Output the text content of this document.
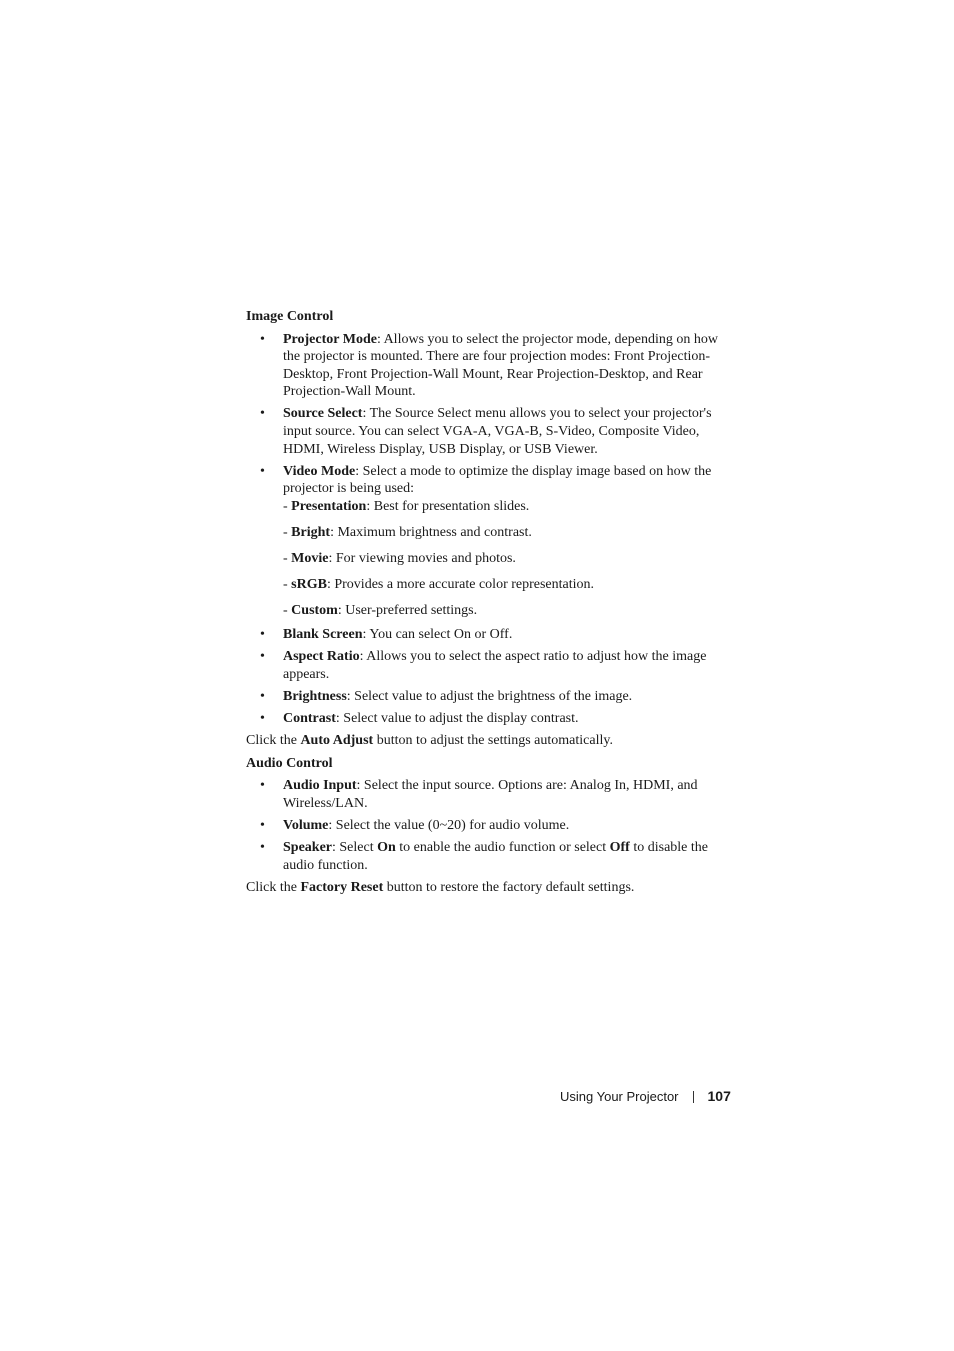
Image Control
• Projector Mode: Allows you to select the projector mode, depending on how the projector is mounted. There are four projection modes: Front Projection-Desktop, Front Projection-Wall Mount, Rear Projection-Desktop, and Rear Projection-Wall Mount.
• Source Select: The Source Select menu allows you to select your projector's input source. You can select VGA-A, VGA-B, S-Video, Composite Video, HDMI, Wireless Display, USB Display, or USB Viewer.
• Video Mode: Select a mode to optimize the display image based on how the projector is being used:
- Presentation: Best for presentation slides.
- Bright: Maximum brightness and contrast.
- Movie: For viewing movies and photos.
- sRGB: Provides a more accurate color representation.
- Custom: User-preferred settings.
• Blank Screen: You can select On or Off.
• Aspect Ratio: Allows you to select the aspect ratio to adjust how the image appears.
• Brightness: Select value to adjust the brightness of the image.
• Contrast: Select value to adjust the display contrast.

Click the Auto Adjust button to adjust the settings automatically.

Audio Control
• Audio Input: Select the input source. Options are: Analog In, HDMI, and Wireless/LAN.
• Volume: Select the value (0~20) for audio volume.
• Speaker: Select On to enable the audio function or select Off to disable the audio function.

Click the Factory Reset button to restore the factory default settings.

Using Your Projector 107
